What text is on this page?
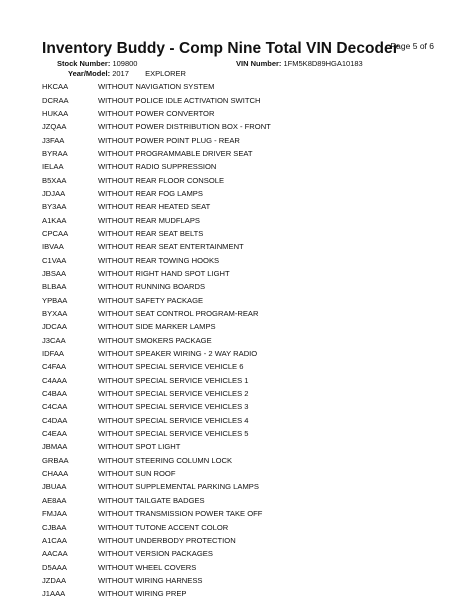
Inventory Buddy - Comp Nine Total VIN Decoder
Page 5 of 6
Stock Number: 109800	VIN Number: 1FM5K8D89HGA10183
Year/Model: 2017 EXPLORER
HKCAA	WITHOUT NAVIGATION SYSTEM
DCRAA	WITHOUT POLICE IDLE ACTIVATION SWITCH
HUKAA	WITHOUT POWER CONVERTOR
JZQAA	WITHOUT POWER DISTRIBUTION BOX - FRONT
J3FAA	WITHOUT POWER POINT PLUG - REAR
BYRAA	WITHOUT PROGRAMMABLE DRIVER SEAT
IELAA	WITHOUT RADIO SUPPRESSION
B5XAA	WITHOUT REAR FLOOR CONSOLE
JDJAA	WITHOUT REAR FOG LAMPS
BY3AA	WITHOUT REAR HEATED SEAT
A1KAA	WITHOUT REAR MUDFLAPS
CPCAA	WITHOUT REAR SEAT BELTS
IBVAA	WITHOUT REAR SEAT ENTERTAINMENT
C1VAA	WITHOUT REAR TOWING HOOKS
JBSAA	WITHOUT RIGHT HAND SPOT LIGHT
BLBAA	WITHOUT RUNNING BOARDS
YPBAA	WITHOUT SAFETY PACKAGE
BYXAA	WITHOUT SEAT CONTROL PROGRAM-REAR
JDCAA	WITHOUT SIDE MARKER LAMPS
J3CAA	WITHOUT SMOKERS PACKAGE
IDFAA	WITHOUT SPEAKER WIRING - 2 WAY RADIO
C4FAA	WITHOUT SPECIAL SERVICE VEHICLE 6
C4AAA	WITHOUT SPECIAL SERVICE VEHICLES 1
C4BAA	WITHOUT SPECIAL SERVICE VEHICLES 2
C4CAA	WITHOUT SPECIAL SERVICE VEHICLES 3
C4DAA	WITHOUT SPECIAL SERVICE VEHICLES 4
C4EAA	WITHOUT SPECIAL SERVICE VEHICLES 5
JBMAA	WITHOUT SPOT LIGHT
GRBAA	WITHOUT STEERING COLUMN LOCK
CHAAA	WITHOUT SUN ROOF
JBUAA	WITHOUT SUPPLEMENTAL PARKING LAMPS
AE8AA	WITHOUT TAILGATE BADGES
FMJAA	WITHOUT TRANSMISSION POWER TAKE OFF
CJBAA	WITHOUT TUTONE ACCENT COLOR
A1CAA	WITHOUT UNDERBODY PROTECTION
AACAA	WITHOUT VERSION PACKAGES
D5AAA	WITHOUT WHEEL COVERS
JZDAA	WITHOUT WIRING HARNESS
J1AAA	WITHOUT WIRING PREP
